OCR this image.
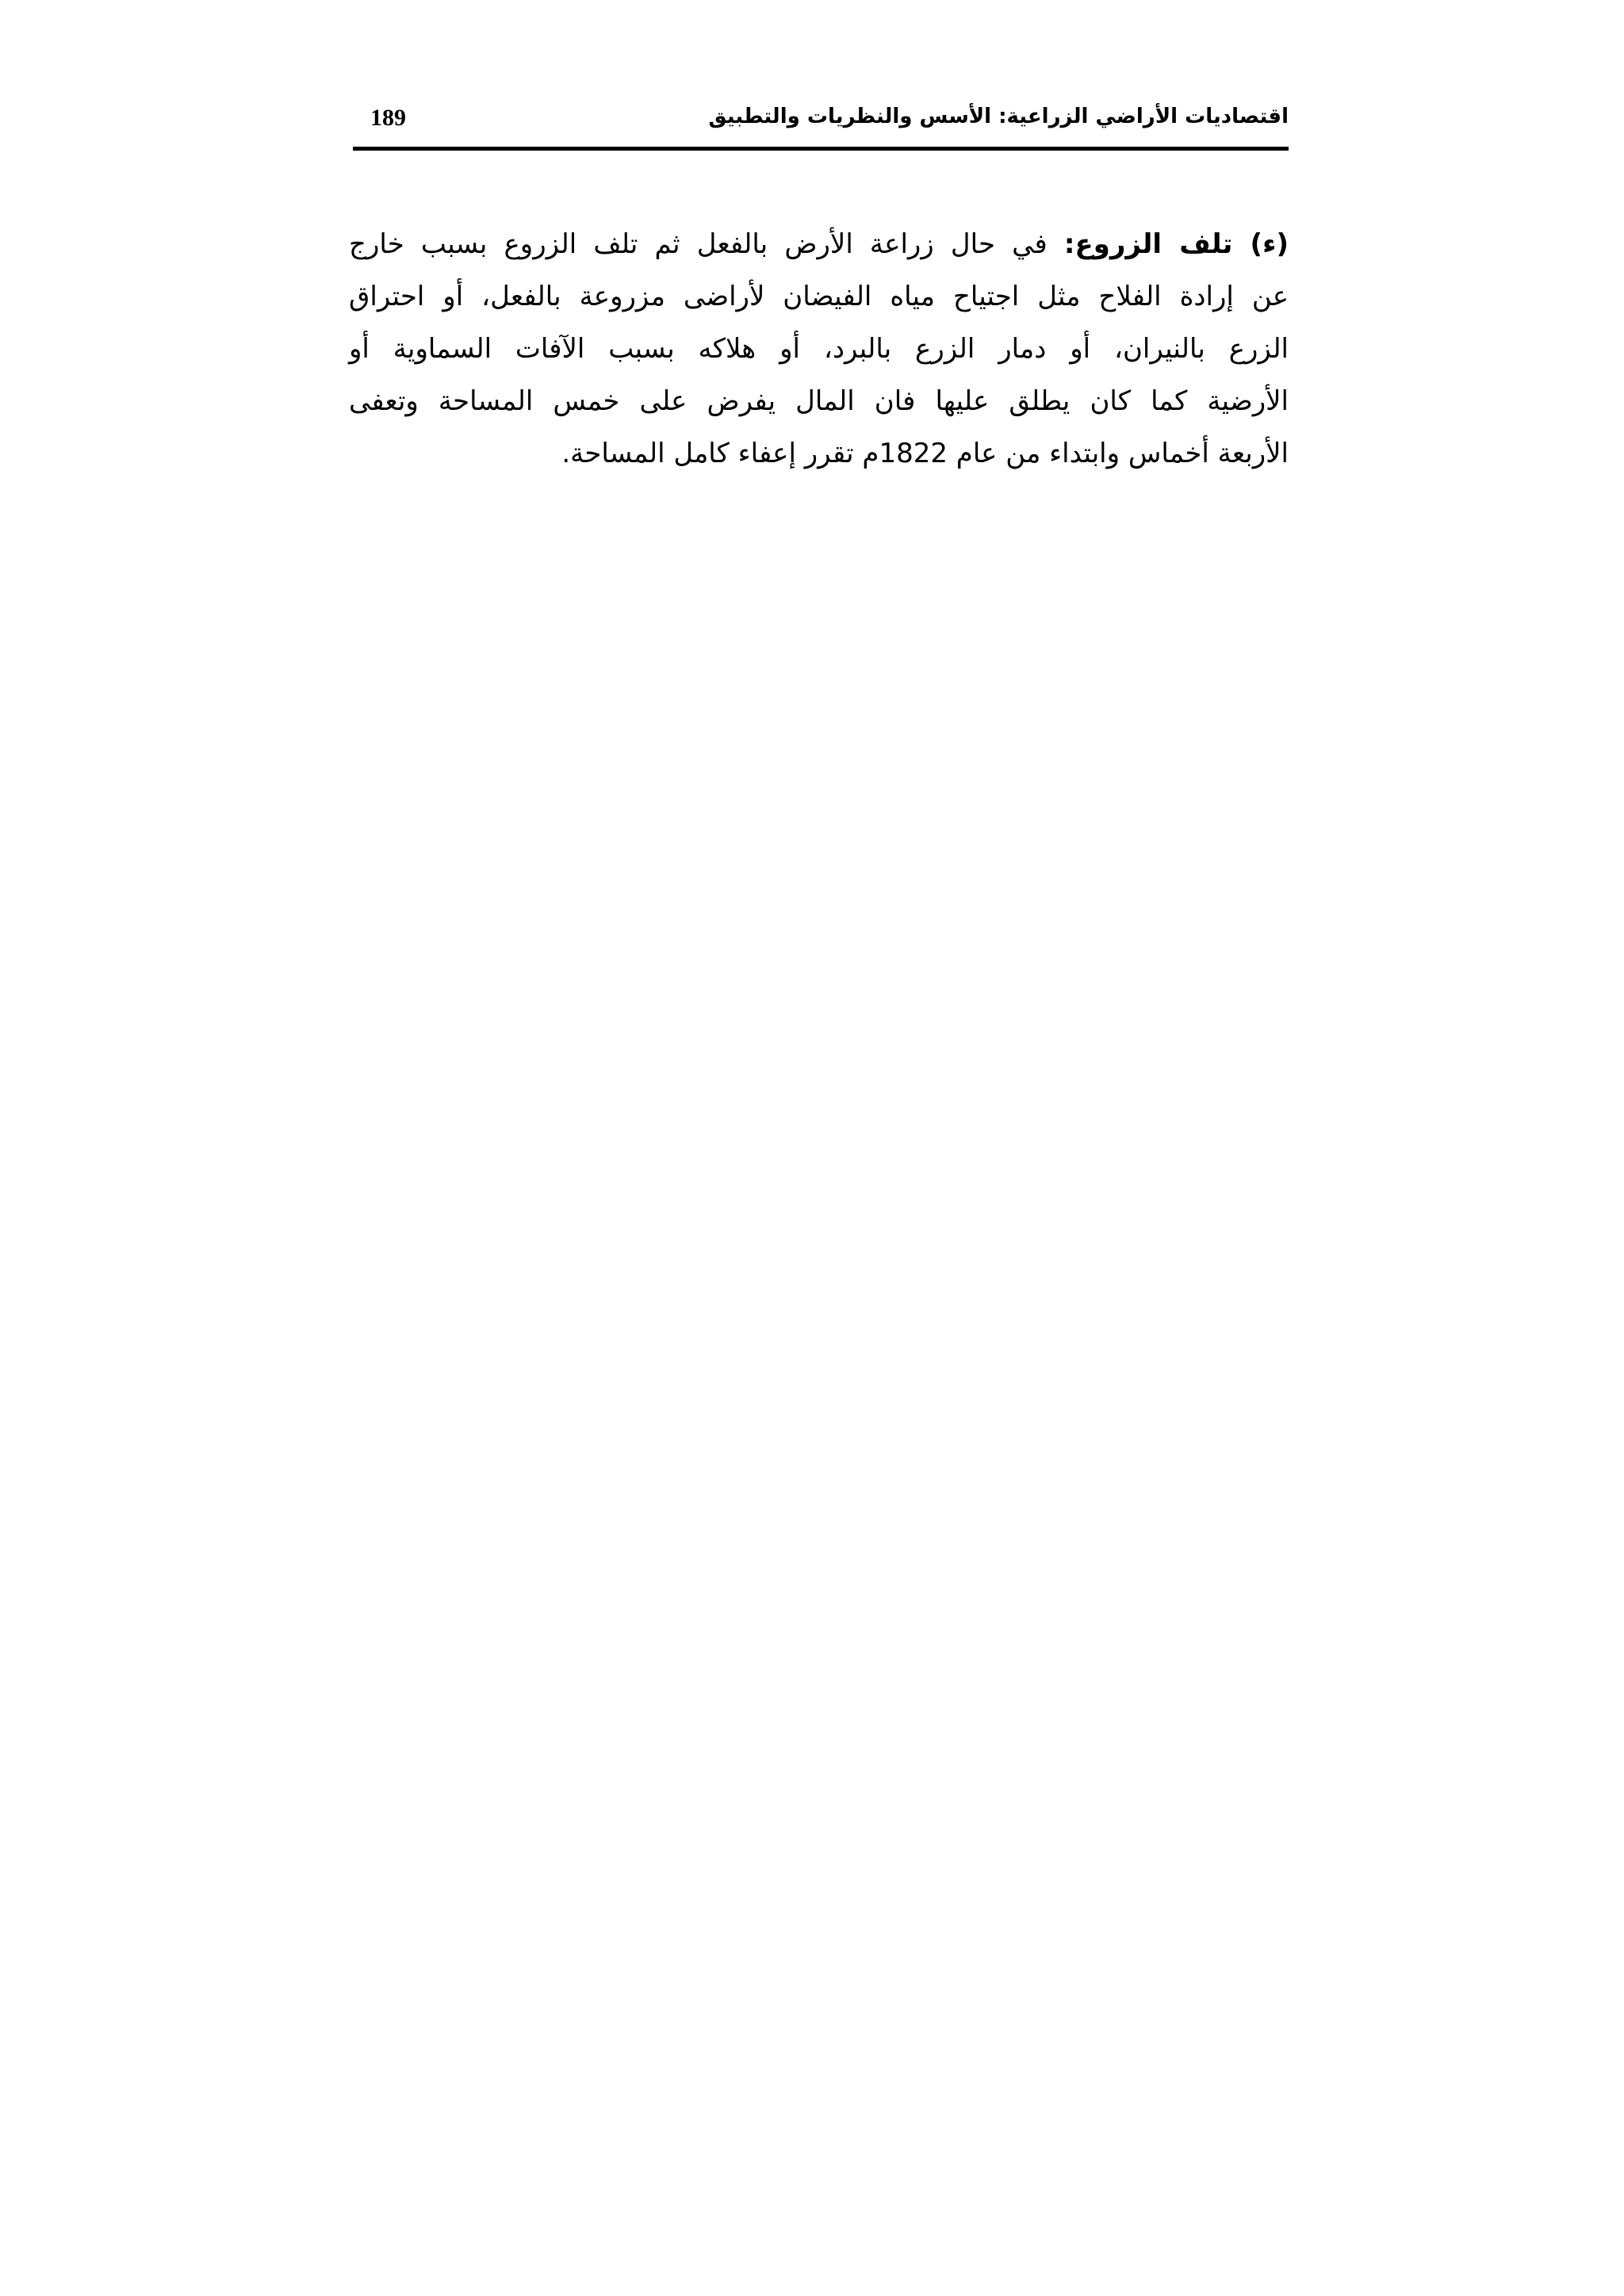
189	اقتصاديات الأراضي الزراعية: الأسس والنظريات والتطبيق
(ء) تلف الزروع: في حال زراعة الأرض بالفعل ثم تلف الزروع بسبب خارج
عن إرادة الفلاح مثل اجتياح مياه الفيضان لأراضى مزروعة بالفعل، أو احتراق
الزرع بالنيران، أو دمار الزرع بالبرد، أو هلاكه بسبب الآفات السماوية أو
الأرضية كما كان يطلق عليها فان المال يفرض على خمس المساحة وتعفى
الأربعة أخماس وابتداء من عام 1822م تقرر إعفاء كامل المساحة.
